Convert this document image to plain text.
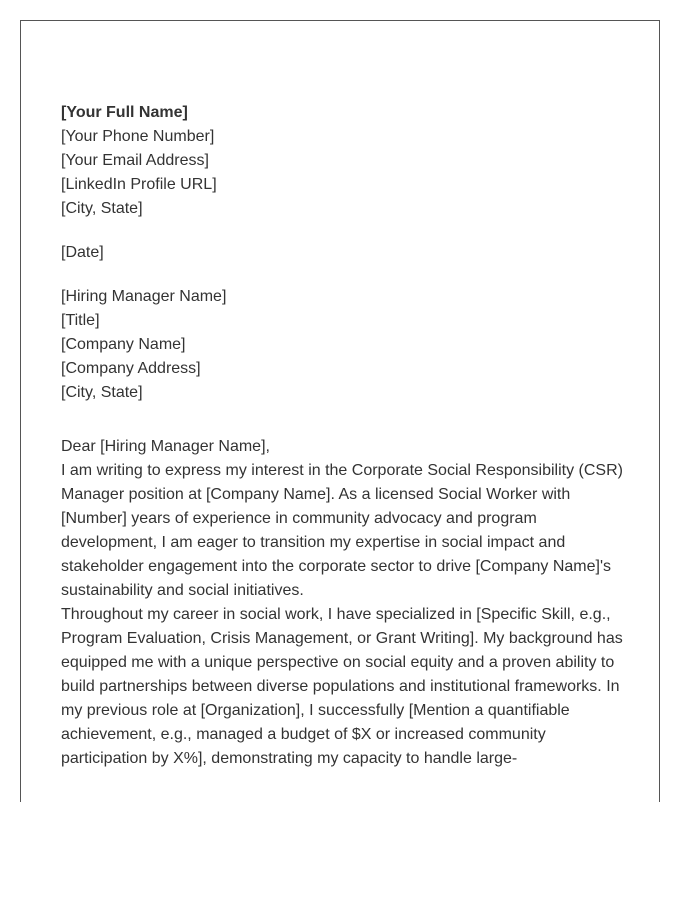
[Your Full Name]
[Your Phone Number]
[Your Email Address]
[LinkedIn Profile URL]
[City, State]
[Date]
[Hiring Manager Name]
[Title]
[Company Name]
[Company Address]
[City, State]
Dear [Hiring Manager Name],

I am writing to express my interest in the Corporate Social Responsibility (CSR) Manager position at [Company Name]. As a licensed Social Worker with [Number] years of experience in community advocacy and program development, I am eager to transition my expertise in social impact and stakeholder engagement into the corporate sector to drive [Company Name]'s sustainability and social initiatives.

Throughout my career in social work, I have specialized in [Specific Skill, e.g., Program Evaluation, Crisis Management, or Grant Writing]. My background has equipped me with a unique perspective on social equity and a proven ability to build partnerships between diverse populations and institutional frameworks. In my previous role at [Organization], I successfully [Mention a quantifiable achievement, e.g., managed a budget of $X or increased community participation by X%], demonstrating my capacity to handle large-
